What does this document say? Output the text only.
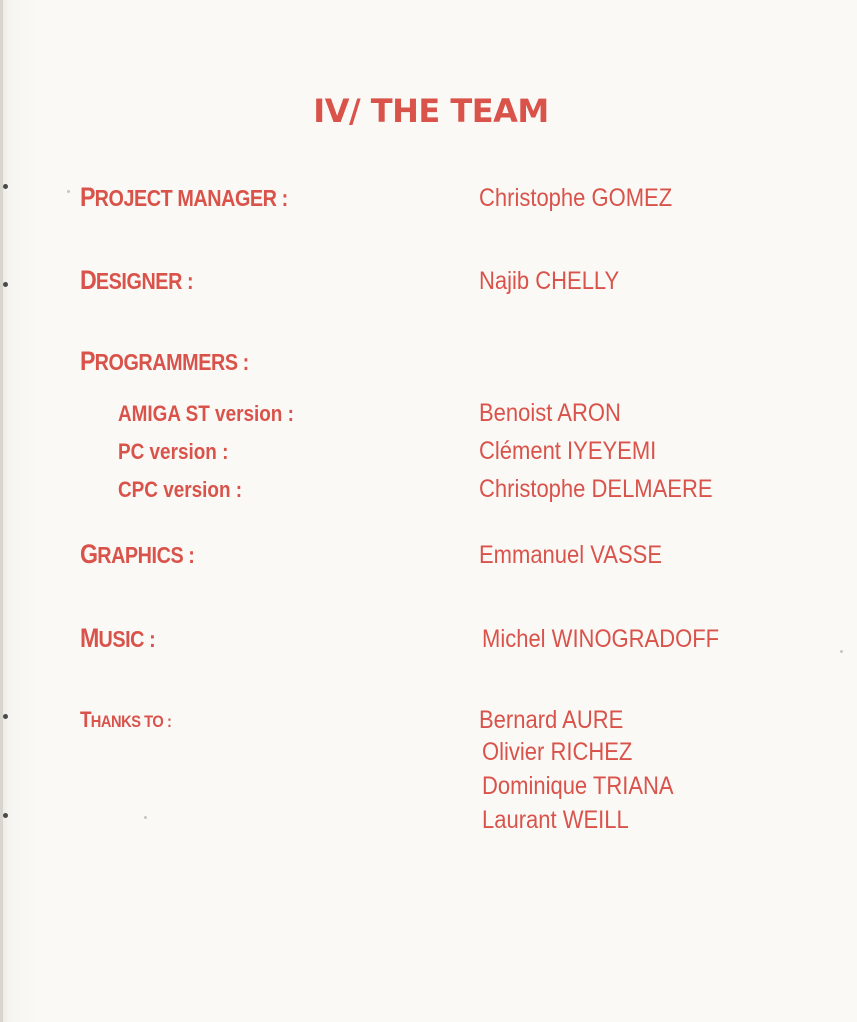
IV/ THE TEAM
PROJECT MANAGER :	Christophe GOMEZ
DESIGNER :	Najib CHELLY
PROGRAMMERS :
AMIGA ST version :	Benoist ARON
PC version :	Clément IYEYEMI
CPC version :	Christophe DELMAERE
GRAPHICS :	Emmanuel VASSE
MUSIC :	Michel WINOGRADOFF
THANKS TO :	Bernard AURE
Olivier RICHEZ
Dominique TRIANA
Laurant WEILL
